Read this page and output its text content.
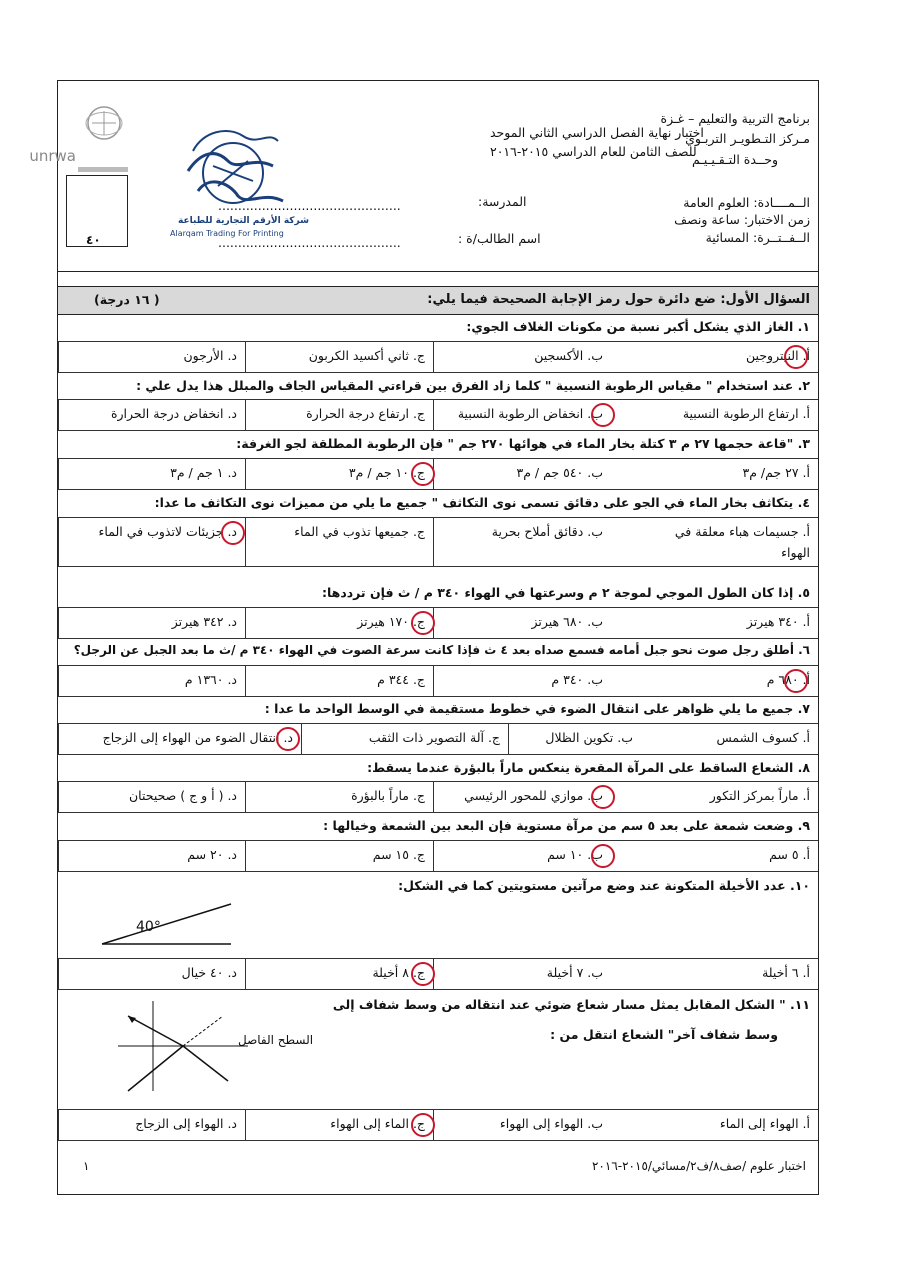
برنامج التربية والتعليم – غـزة
مـركز التـطويـر التربـوي
وحــدة التـقـيـيـم
الــمــــادة: العلوم العامة
زمن الاختبار: ساعة ونصف
الــفــتــرة: المسائية
اختبار نهاية الفصل الدراسي الثاني الموحد
للصف الثامن للعام الدراسي ٢٠١٥-٢٠١٦
المدرسة:
..............................................
اسم الطالب/ة :
..............................................
شركة الأرقم التجارية للطباعة
Alarqam Trading For Printing
unrwa
٤٠
السؤال الأول: ضع دائرة حول رمز الإجابة الصحيحة فيما يلي:
( ١٦ درجة)
١. الغاز الذي يشكل أكبر نسبة من مكونات الغلاف الجوي:
أ. النيتروجين
ب. الأكسجين
ج. ثاني أكسيد الكربون
د. الأرجون
٢. عند استخدام " مقياس الرطوبة النسبية " كلما زاد الفرق بين قراءتي المقياس الجاف والمبلل هذا يدل علي :
أ. ارتفاع الرطوبة النسبية
ب. انخفاض الرطوبة النسبية
ج. ارتفاع درجة الحرارة
د. انخفاض درجة الحرارة
٣. "قاعة حجمها ٢٧ م ٣ كتلة بخار الماء في هوائها ٢٧٠ جم " فإن الرطوبة المطلقة لجو الغرفة:
أ. ٢٧ جم/ م٣
ب. ٥٤٠ جم / م٣
ج. ١٠ جم / م٣
د. ١ جم / م٣
٤. يتكاثف بخار الماء في الجو على دقائق تسمى نوى التكاثف " جميع ما يلي من مميزات نوى التكاثف ما عدا:
أ. جسيمات هباء معلقة في
الهواء
ب. دقائق أملاح بحرية
ج. جميعها تذوب في الماء
د. جزيئات لاتذوب في الماء
٥. إذا كان الطول الموجي لموجة ٢ م وسرعتها في الهواء ٣٤٠ م / ث فإن ترددها:
أ. ٣٤٠ هيرتز
ب. ٦٨٠ هيرتز
ج. ١٧٠ هيرتز
د. ٣٤٢ هيرتز
٦. أطلق رجل صوت نحو جبل أمامه فسمع صداه بعد ٤ ث فإذا كانت سرعة الصوت في الهواء ٣٤٠ م /ث ما بعد الجبل عن الرجل؟
أ. ٦٨٠ م
ب. ٣٤٠ م
ج. ٣٤٤ م
د. ١٣٦٠ م
٧. جميع ما يلي ظواهر على انتقال الضوء في خطوط مستقيمة في الوسط الواحد ما عدا :
أ. كسوف الشمس
ب. تكوين الظلال
ج. آلة التصوير ذات الثقب
د. انتقال الضوء من الهواء إلى الزجاج
٨. الشعاع الساقط على المرآة المقعرة ينعكس ماراً بالبؤرة عندما يسقط:
أ. ماراً بمركز التكور
ب. موازي للمحور الرئيسي
ج. ماراً بالبؤرة
د. ( أ و ج ) صحيحتان
٩. وضعت شمعة على بعد ٥ سم من مرآة مستوية فإن البعد بين الشمعة وخيالها :
أ. ٥ سم
ب. ١٠ سم
ج. ١٥ سم
د. ٢٠ سم
١٠. عدد الأخيلة المتكونة عند وضع مرآتين مستويتين كما في الشكل:
40°
أ. ٦ أخيلة
ب. ٧ أخيلة
ج. ٨ أخيلة
د. ٤٠ خيال
١١. " الشكل المقابل يمثل مسار شعاع ضوئي عند انتقاله من وسط شفاف إلى
وسط شفاف آخر" الشعاع انتقل من :
السطح الفاصل
أ. الهواء إلى الماء
ب. الهواء إلى الهواء
ج. الماء إلى الهواء
د. الهواء إلى الزجاج
١	اختبار علوم /صف٨/ف٢/مسائي/٢٠١٥-٢٠١٦
